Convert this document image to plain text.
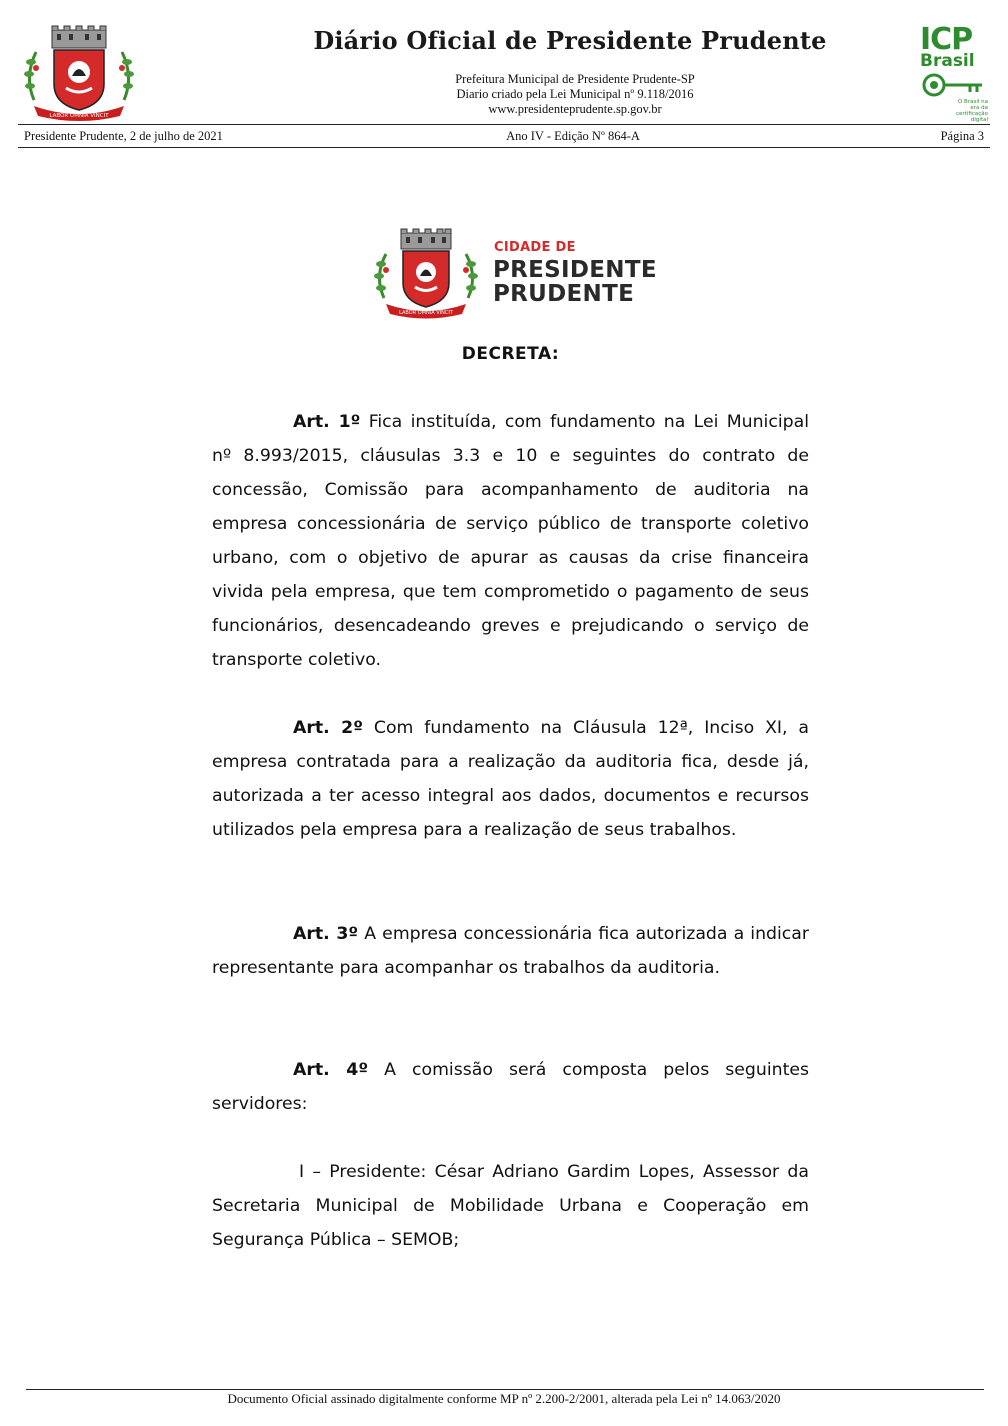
LABOR OMNIA VINCIT
Diário Oficial de Presidente Prudente
Prefeitura Municipal de Presidente Prudente-SP
Diario criado pela Lei Municipal nº 9.118/2016
www.presidenteprudente.sp.gov.br
ICP
Brasil
O Brasil na era da certificação digital
Presidente Prudente, 2 de julho de 2021	Ano IV - Edição Nº 864-A	Página 3
LABOR OMNIA VINCIT
CIDADE DE
PRESIDENTE
PRUDENTE
DECRETA:
Art. 1º Fica instituída, com fundamento na Lei Municipal nº 8.993/2015, cláusulas 3.3 e 10 e seguintes do contrato de concessão, Comissão para acompanhamento de auditoria na empresa concessionária de serviço público de transporte coletivo urbano, com o objetivo de apurar as causas da crise financeira vivida pela empresa, que tem comprometido o pagamento de seus funcionários, desencadeando greves e prejudicando o serviço de transporte coletivo.
Art. 2º Com fundamento na Cláusula 12ª, Inciso XI, a empresa contratada para a realização da auditoria fica, desde já, autorizada a ter acesso integral aos dados, documentos e recursos utilizados pela empresa para a realização de seus trabalhos.
Art. 3º A empresa concessionária fica autorizada a indicar representante para acompanhar os trabalhos da auditoria.
Art. 4º A comissão será composta pelos seguintes servidores:
I – Presidente: César Adriano Gardim Lopes, Assessor da Secretaria Municipal de Mobilidade Urbana e Cooperação em Segurança Pública – SEMOB;
Documento Oficial assinado digitalmente conforme MP nº 2.200-2/2001, alterada pela Lei nº 14.063/2020
